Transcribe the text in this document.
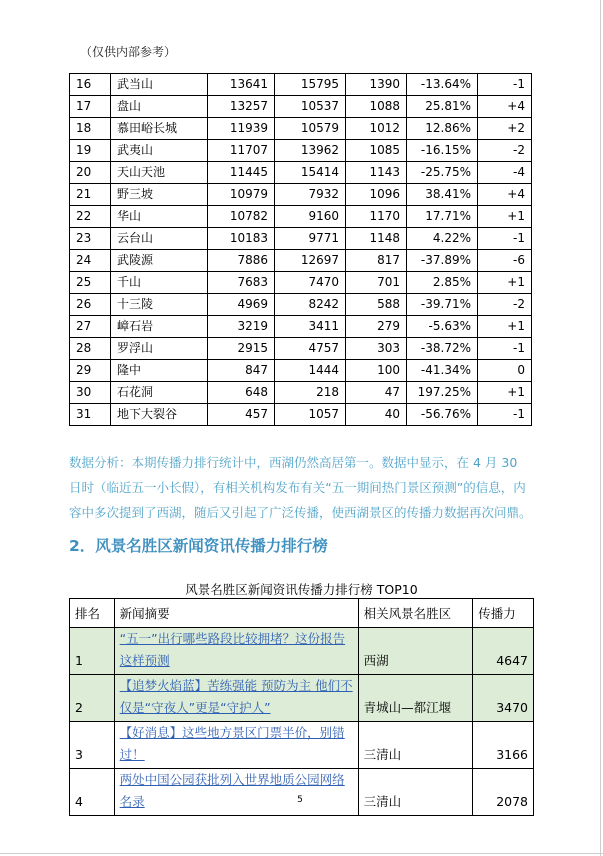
（仅供内部参考）
16	武当山	13641	15795	1390	-13.64%	-1
17	盘山	13257	10537	1088	25.81%	+4
18	慕田峪长城	11939	10579	1012	12.86%	+2
19	武夷山	11707	13962	1085	-16.15%	-2
20	天山天池	11445	15414	1143	-25.75%	-4
21	野三坡	10979	7932	1096	38.41%	+4
22	华山	10782	9160	1170	17.71%	+1
23	云台山	10183	9771	1148	4.22%	-1
24	武陵源	7886	12697	817	-37.89%	-6
25	千山	7683	7470	701	2.85%	+1
26	十三陵	4969	8242	588	-39.71%	-2
27	嶂石岩	3219	3411	279	-5.63%	+1
28	罗浮山	2915	4757	303	-38.72%	-1
29	隆中	847	1444	100	-41.34%	0
30	石花洞	648	218	47	197.25%	+1
31	地下大裂谷	457	1057	40	-56.76%	-1
数据分析：本期传播力排行统计中，西湖仍然高居第一。数据中显示，在 4 月 30 日时（临近五一小长假），有相关机构发布有关“五一期间热门景区预测”的信息，内容中多次提到了西湖，随后又引起了广泛传播，使西湖景区的传播力数据再次问鼎。
2．风景名胜区新闻资讯传播力排行榜
风景名胜区新闻资讯传播力排行榜 TOP10
排名	新闻摘要	相关风景名胜区	传播力
1	“五一”出行哪些路段比较拥堵？这份报告这样预测	西湖	4647
2	【追梦火焰蓝】苦练强能 预防为主 他们不仅是“守夜人”更是“守护人”	青城山—都江堰	3470
3	【好消息】这些地方景区门票半价，别错过！	三清山	3166
4	两处中国公园获批列入世界地质公园网络名录	三清山	2078
5
